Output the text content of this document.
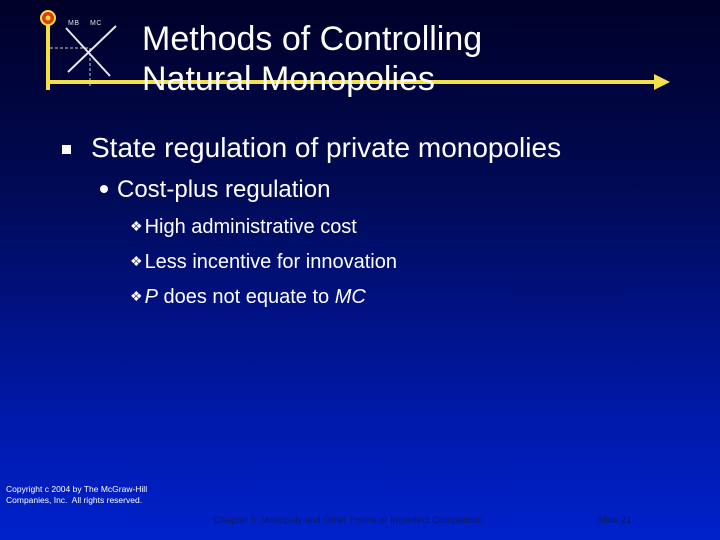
MB MC Methods of Controlling
Natural Monopolies
State regulation of private monopolies
Cost-plus regulation
❖ High administrative cost
❖ Less incentive for innovation
❖ P does not equate to MC
Copyright c 2004 by The McGraw-Hill
Companies, Inc.  All rights reserved.
Chapter 9: Monopoly and Other Forms of Imperfect Competition	Slide 21
